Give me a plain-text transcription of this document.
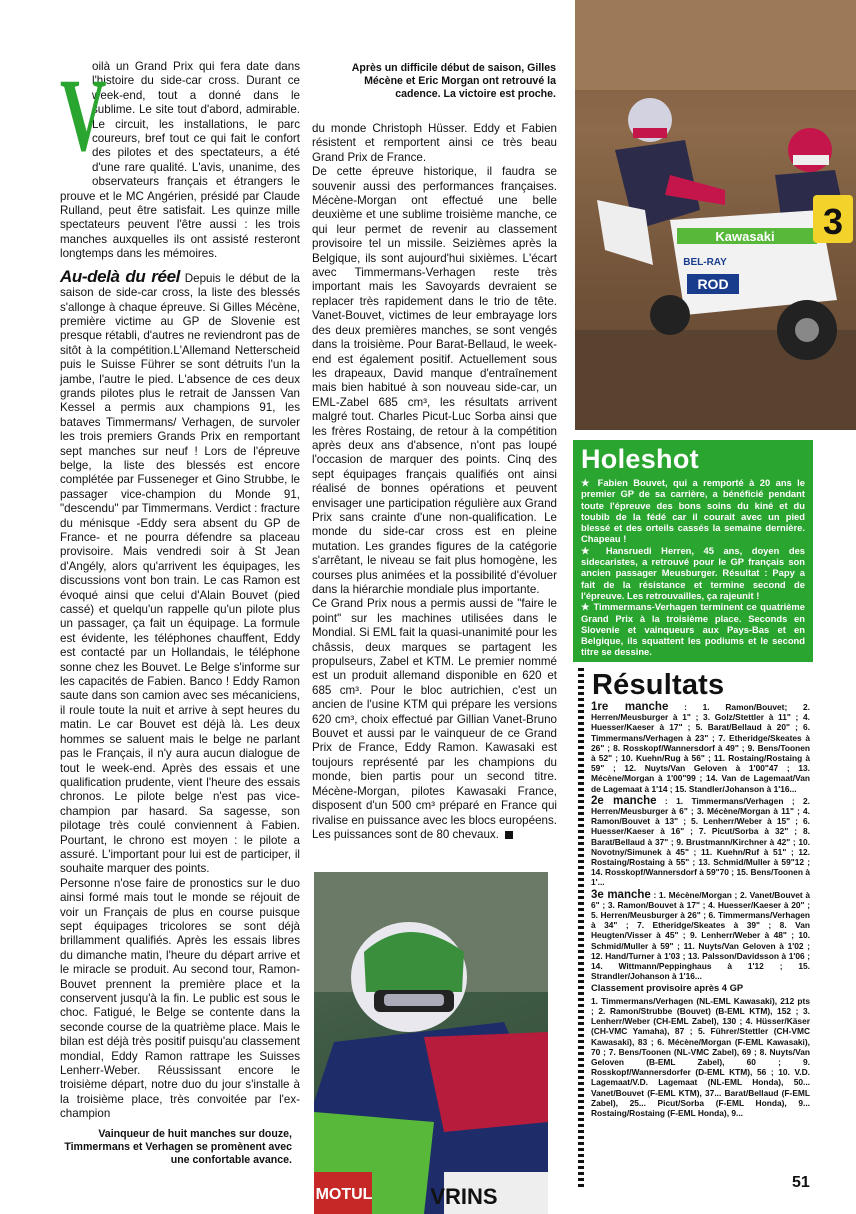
3
Kawasaki
BEL-RAY
ROD
Après un difficile début de saison, Gilles Mécène et Eric Morgan ont retrouvé la cadence. La victoire est proche.
V

oilà un Grand Prix qui fera date dans l'histoire du side-car cross. Durant ce week-end, tout a donné dans le sublime. Le site tout d'abord, admirable. Le circuit, les installations, le parc coureurs, bref tout ce qui fait le confort des pilotes et des spectateurs, a été d'une rare qualité. L'avis, unanime, des observateurs français et étrangers le prouve et le MC Angérien, présidé par Claude Rulland, peut être satisfait. Les quinze mille spectateurs peuvent l'être aussi : les trois manches auxquelles ils ont assisté resteront longtemps dans les mémoires.

Au-delà du réel Depuis le début de la saison de side-car cross, la liste des blessés s'allonge à chaque épreuve. Si Gilles Mécène, première victime au GP de Slovenie est presque rétabli, d'autres ne reviendront pas de sitôt à la compétition.L'Allemand Netterscheid puis le Suisse Führer se sont détruits l'un la jambe, l'autre le pied. L'absence de ces deux grands pilotes plus le retrait de Janssen Van Kessel a permis aux champions 91, les bataves Timmermans/ Verhagen, de survoler les trois premiers Grands Prix en remportant sept manches sur neuf ! Lors de l'épreuve belge, la liste des blessés est encore complétée par Fusseneger et Gino Strubbe, le passager vice-champion du Monde 91, "descendu" par Timmermans. Verdict : fracture du ménisque -Eddy sera absent du GP de France- et ne pourra défendre sa placeau provisoire. Mais vendredi soir à St Jean d'Angély, alors qu'arrivent les équipages, les discussions vont bon train. Le cas Ramon est évoqué ainsi que celui d'Alain Bouvet (pied cassé) et quelqu'un rappelle qu'un pilote plus un passager, ça fait un équipage. La formule est évidente, les téléphones chauffent, Eddy est contacté par un Hollandais, le téléphone sonne chez les Bouvet. Le Belge s'informe sur les capacités de Fabien. Banco ! Eddy Ramon saute dans son camion avec ses mécaniciens, il roule toute la nuit et arrive à sept heures du matin. Le car Bouvet est déjà là. Les deux hommes se saluent mais le belge ne parlant pas le Français, il n'y aura aucun dialogue de tout le week-end. Après des essais et une qualification prudente, vient l'heure des essais chronos. Le pilote belge n'est pas vice-champion par hasard. Sa sagesse, son pilotage très coulé conviennent à Fabien. Pourtant, le chrono est moyen : le pilote a assuré. L'important pour lui est de participer, il souhaite marquer des points.

Personne n'ose faire de pronostics sur le duo ainsi formé mais tout le monde se réjouit de voir un Français de plus en course puisque sept équipages tricolores se sont déjà brillamment qualifiés. Après les essais libres du dimanche matin, l'heure du départ arrive et le miracle se produit. Au second tour, Ramon-Bouvet prennent la première place et la conservent jusqu'à la fin. Le public est sous le choc. Fatigué, le Belge se contente dans la seconde course de la quatrième place. Mais le bilan est déjà très positif puisqu'au classement mondial, Eddy Ramon rattrape les Suisses Lenherr-Weber. Réussissant encore le troisième départ, notre duo du jour s'installe à la troisième place, très convoitée par l'ex-champion

du monde Christoph Hüsser. Eddy et Fabien résistent et remportent ainsi ce très beau Grand Prix de France.

De cette épreuve historique, il faudra se souvenir aussi des performances françaises. Mécène-Morgan ont effectué une belle deuxième et une sublime troisième manche, ce qui leur permet de revenir au classement provisoire tel un missile. Seizièmes après la Belgique, ils sont aujourd'hui sixièmes. L'écart avec Timmermans-Verhagen reste très important mais les Savoyards devraient se replacer très rapidement dans le trio de tête. Vanet-Bouvet, victimes de leur embrayage lors des deux premières manches, se sont vengés dans la troisième. Pour Barat-Bellaud, le week-end est également positif. Actuellement sous les drapeaux, David manque d'entraînement mais bien habitué à son nouveau side-car, un EML-Zabel 685 cm³, les résultats arrivent malgré tout. Charles Picut-Luc Sorba ainsi que les frères Rostaing, de retour à la compétition après deux ans d'absence, n'ont pas loupé l'occasion de marquer des points. Cinq des sept équipages français qualifiés ont ainsi réalisé de bonnes opérations et peuvent envisager une participation régulière aux Grand Prix sans crainte d'une non-qualification. Le monde du side-car cross est en pleine mutation. Les grandes figures de la catégorie s'arrêtant, le niveau se fait plus homogène, les courses plus animées et la possibilité d'évoluer dans la hiérarchie mondiale plus importante.

Ce Grand Prix nous a permis aussi de "faire le point" sur les machines utilisées dans le Mondial. Si EML fait la quasi-unanimité pour les châssis, deux marques se partagent les propulseurs, Zabel et KTM. Le premier nommé est un produit allemand disponible en 620 et 685 cm³. Pour le bloc autrichien, c'est un ancien de l'usine KTM qui prépare les versions 620 cm³, choix effectué par Gillian Vanet-Bruno Bouvet et aussi par le vainqueur de ce Grand Prix de France, Eddy Ramon. Kawasaki est toujours représenté par les champions du monde, bien partis pour un second titre. Mécène-Morgan, pilotes Kawasaki France, disposent d'un 500 cm³ préparé en France qui rivalise en puissance avec les blocs européens. Les puissances sont de 80 chevaux.

MOTUL	VRINS
Vainqueur de huit manches sur douze, Timmermans et Verhagen se promènent avec une confortable avance.
Holeshot

★ Fabien Bouvet, qui a remporté à 20 ans le premier GP de sa carrière, a bénéficié pendant toute l'épreuve des bons soins du kiné et du toubib de la fédé car il courait avec un pied blessé et des orteils cassés la semaine dernière. Chapeau !

★ Hansruedi Herren, 45 ans, doyen des sidecaristes, a retrouvé pour le GP français son ancien passager Meusburger. Résultat : Papy a fait de la résistance et termine second de l'épreuve. Les retrouvailles, ça rajeunit !

★ Timmermans-Verhagen terminent ce quatrième Grand Prix à la troisième place. Seconds en Slovenie et vainqueurs aux Pays-Bas et en Belgique, ils squattent les podiums et le second titre se dessine.

Résultats

1re manche : 1. Ramon/Bouvet; 2. Herren/Meusburger à 1" ; 3. Golz/Stettler à 11" ; 4. Huesser/Kaeser à 17" ; 5. Barat/Bellaud à 20" ; 6. Timmermans/Verhagen à 23" ; 7. Etheridge/Skeates à 26" ; 8. Rosskopf/Wannersdorf à 49" ; 9. Bens/Toonen à 52" ; 10. Kuehn/Rug à 56" ; 11. Rostaing/Rostaing à 59" ; 12. Nuyts/Van Geloven à 1'00"47 ; 13. Mécène/Morgan à 1'00"99 ; 14. Van de Lagemaat/Van de Lagemaat à 1'14 ; 15. Standler/Johanson à 1'16...

2e manche : 1. Timmermans/Verhagen ; 2. Herren/Meusburger à 6" ; 3. Mécène/Morgan à 11" ; 4. Ramon/Bouvet à 13" ; 5. Lenherr/Weber à 15" ; 6. Huesser/Kaeser à 16" ; 7. Picut/Sorba à 32" ; 8. Barat/Bellaud à 37" ; 9. Brustmann/Kirchner à 42" ; 10. Novotny/Simunek à 45" ; 11. Kuehn/Ruf à 51" ; 12. Rostaing/Rostaing à 55" ; 13. Schmid/Muller à 59"12 ; 14. Rosskopf/Wannersdorf à 59"70 ; 15. Bens/Toonen à 1'...

3e manche : 1. Mécène/Morgan ; 2. Vanet/Bouvet à 6" ; 3. Ramon/Bouvet à 17" ; 4. Huesser/Kaeser à 20" ; 5. Herren/Meusburger à 26" ; 6. Timmermans/Verhagen à 34" ; 7. Etheridge/Skeates à 39" ; 8. Van Heugten/Visser à 45" ; 9. Lenherr/Weber à 48" ; 10. Schmid/Muller à 59" ; 11. Nuyts/Van Geloven à 1'02 ; 12. Hand/Turner à 1'03 ; 13. Palsson/Davidsson à 1'06 ; 14. Wittmann/Peppinghaus à 1'12 ; 15. Strandler/Johanson à 1'16...

Classement provisoire après 4 GP

1. Timmermans/Verhagen (NL-EML Kawasaki), 212 pts ; 2. Ramon/Strubbe (Bouvet) (B-EML KTM), 152 ; 3. Lenherr/Weber (CH-EML Zabel), 130 ; 4. Hüsser/Käser (CH-VMC Yamaha), 87 ; 5. Führer/Stettler (CH-VMC Kawasaki), 83 ; 6. Mécène/Morgan (F-EML Kawasaki), 70 ; 7. Bens/Toonen (NL-VMC Zabel), 69 ; 8. Nuyts/Van Geloven (B-EML Zabel), 60 ; 9. Rosskopf/Wannersdorfer (D-EML KTM), 56 ; 10. V.D. Lagemaat/V.D. Lagemaat (NL-EML Honda), 50... Vanet/Bouvet (F-EML KTM), 37... Barat/Bellaud (F-EML Zabel), 25... Picut/Sorba (F-EML Honda), 9... Rostaing/Rostaing (F-EML Honda), 9...

51
